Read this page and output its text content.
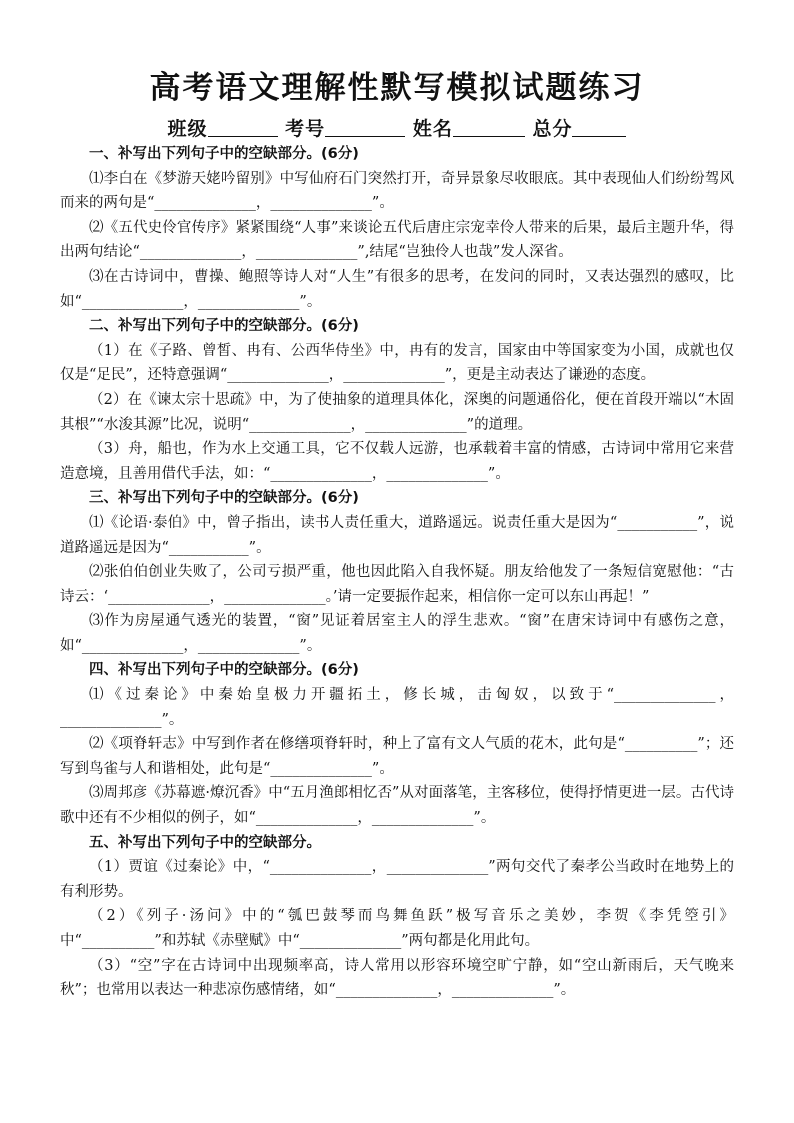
高考语文理解性默写模拟试题练习
班级	考号	姓名	总分

一、补写出下列句子中的空缺部分。(6分)

⑴李白在《梦游天姥吟留别》中写仙府石门突然打开，奇异景象尽收眼底。其中表现仙人们纷纷驾风而来的两句是“______________，______________”。

⑵《五代史伶官传序》紧紧围绕“人事”来谈论五代后唐庄宗宠幸伶人带来的后果，最后主题升华，得出两句结论“______________，______________”,结尾“岂独伶人也哉”发人深省。

⑶在古诗词中，曹操、鲍照等诗人对“人生”有很多的思考，在发问的同时，又表达强烈的感叹，比如“______________，______________”。

二、补写出下列句子中的空缺部分。(6分)

（1）在《子路、曾皙、冉有、公西华侍坐》中，冉有的发言，国家由中等国家变为小国，成就也仅仅是“足民”，还特意强调“______________，______________”，更是主动表达了谦逊的态度。

（2）在《谏太宗十思疏》中，为了使抽象的道理具体化，深奥的问题通俗化，便在首段开端以“木固其根”“水浚其源”比况，说明“______________，______________”的道理。

（3）舟，船也，作为水上交通工具，它不仅载人远游，也承载着丰富的情感，古诗词中常用它来营造意境，且善用借代手法，如：“______________，______________”。

三、补写出下列句子中的空缺部分。(6分)

⑴《论语·泰伯》中，曾子指出，读书人责任重大，道路遥远。说责任重大是因为“___________”，说道路遥远是因为“___________”。

⑵张伯伯创业失败了，公司亏损严重，他也因此陷入自我怀疑。朋友给他发了一条短信宽慰他：“古诗云：‘______________，______________。’请一定要振作起来，相信你一定可以东山再起！”

⑶作为房屋通气透光的装置，“窗”见证着居室主人的浮生悲欢。“窗”在唐宋诗词中有感伤之意，如“______________，______________”。

四、补写出下列句子中的空缺部分。(6分)

⑴《过秦论》中秦始皇极力开疆拓土，修长城，击匈奴，以致于“______________，______________”。

⑵《项脊轩志》中写到作者在修缮项脊轩时，种上了富有文人气质的花木，此句是“__________”；还写到鸟雀与人和谐相处，此句是“______________”。

⑶周邦彦《苏幕遮·燎沉香》中“五月渔郎相忆否”从对面落笔，主客移位，使得抒情更进一层。古代诗歌中还有不少相似的例子，如“______________，______________”。

五、补写出下列句子中的空缺部分。

（1）贾谊《过秦论》中，“______________，______________”两句交代了秦孝公当政时在地势上的有利形势。

（2）《列子·汤问》中的“瓠巴鼓琴而鸟舞鱼跃”极写音乐之美妙，李贺《李凭箜引》中“__________”和苏轼《赤壁赋》中“______________”两句都是化用此句。

（3）“空”字在古诗词中出现频率高，诗人常用以形容环境空旷宁静，如“空山新雨后，天气晚来秋”；也常用以表达一种悲凉伤感情绪，如“______________，______________”。
